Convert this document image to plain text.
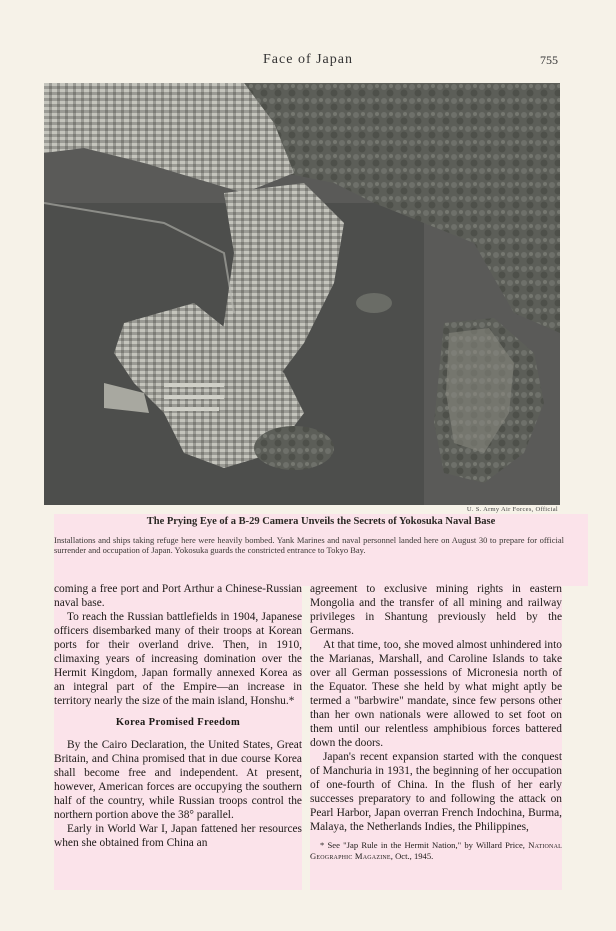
Face of Japan	755
U. S. Army Air Forces, Official
The Prying Eye of a B-29 Camera Unveils the Secrets of Yokosuka Naval Base
Installations and ships taking refuge here were heavily bombed. Yank Marines and naval personnel landed here on August 30 to prepare for official surrender and occupation of Japan. Yokosuka guards the constricted entrance to Tokyo Bay.

coming a free port and Port Arthur a Chinese-Russian naval base.

To reach the Russian battlefields in 1904, Japanese officers disembarked many of their troops at Korean ports for their overland drive. Then, in 1910, climaxing years of increasing domination over the Hermit Kingdom, Japan formally annexed Korea as an integral part of the Empire—an increase in territory nearly the size of the main island, Honshu.*

Korea Promised Freedom

By the Cairo Declaration, the United States, Great Britain, and China promised that in due course Korea shall become free and independent. At present, however, American forces are occupying the southern half of the country, while Russian troops control the northern portion above the 38° parallel.

Early in World War I, Japan fattened her resources when she obtained from China an

agreement to exclusive mining rights in eastern Mongolia and the transfer of all mining and railway privileges in Shantung previously held by the Germans.

At that time, too, she moved almost unhindered into the Marianas, Marshall, and Caroline Islands to take over all German possessions of Micronesia north of the Equator. These she held by what might aptly be termed a "barbwire" mandate, since few persons other than her own nationals were allowed to set foot on them until our relentless amphibious forces battered down the doors.

Japan's recent expansion started with the conquest of Manchuria in 1931, the beginning of her occupation of one-fourth of China. In the flush of her early successes preparatory to and following the attack on Pearl Harbor, Japan overran French Indochina, Burma, Malaya, the Netherlands Indies, the Philippines,

* See "Jap Rule in the Hermit Nation," by Willard Price, National Geographic Magazine, Oct., 1945.
